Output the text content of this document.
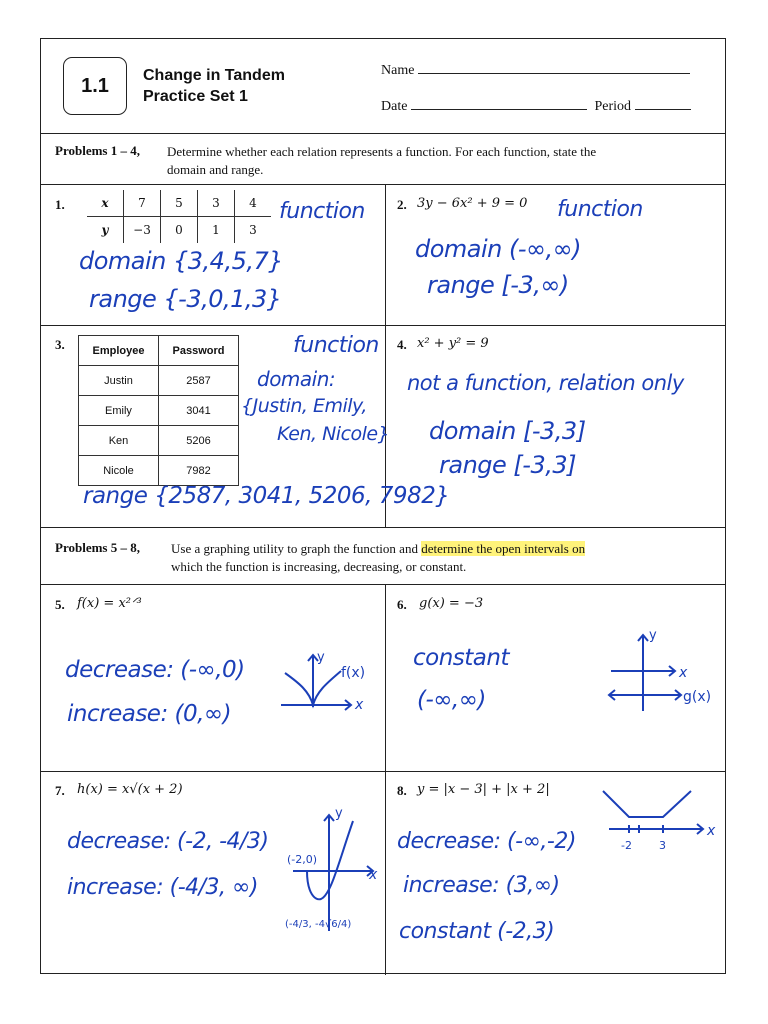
1.1	Change in Tandem
Practice Set 1
Name
Date	Period
Problems 1 – 4, Determine whether each relation represents a function. For each function, state the
domain and range.
Problems 5 – 8, Use a graphing utility to graph the function and determine the open intervals on
which the function is increasing, decreasing, or constant.
1.	x	7	5	3	4
y	−3	0	1	3
function
domain {3,4,5,7}
range {-3,0,1,3}
2. 3y − 6x² + 9 = 0 function
domain (-∞,∞)
range [-3,∞)
3.	Employee	Password
Justin	2587
Emily	3041
Ken	5206
Nicole	7982
function
domain:
{Justin, Emily,
Ken, Nicole}
range {2587, 3041, 5206, 7982}
4. x² + y² = 9
not a function, relation only
domain [-3,3]
range [-3,3]
5. f(x) = x²ᐟ³
decrease: (-∞,0)
increase: (0,∞)
y
x
f(x)
6. g(x) = −3
constant
(-∞,∞)
y
x
g(x)
7. h(x) = x√(x + 2)
decrease: (-2, -4/3)
increase: (-4/3, ∞)
y
x
(-2,0)
(-4/3, -4√6/4)
8. y = |x − 3| + |x + 2|
x
-2 3
decrease: (-∞,-2)
increase: (3,∞)
constant (-2,3)
